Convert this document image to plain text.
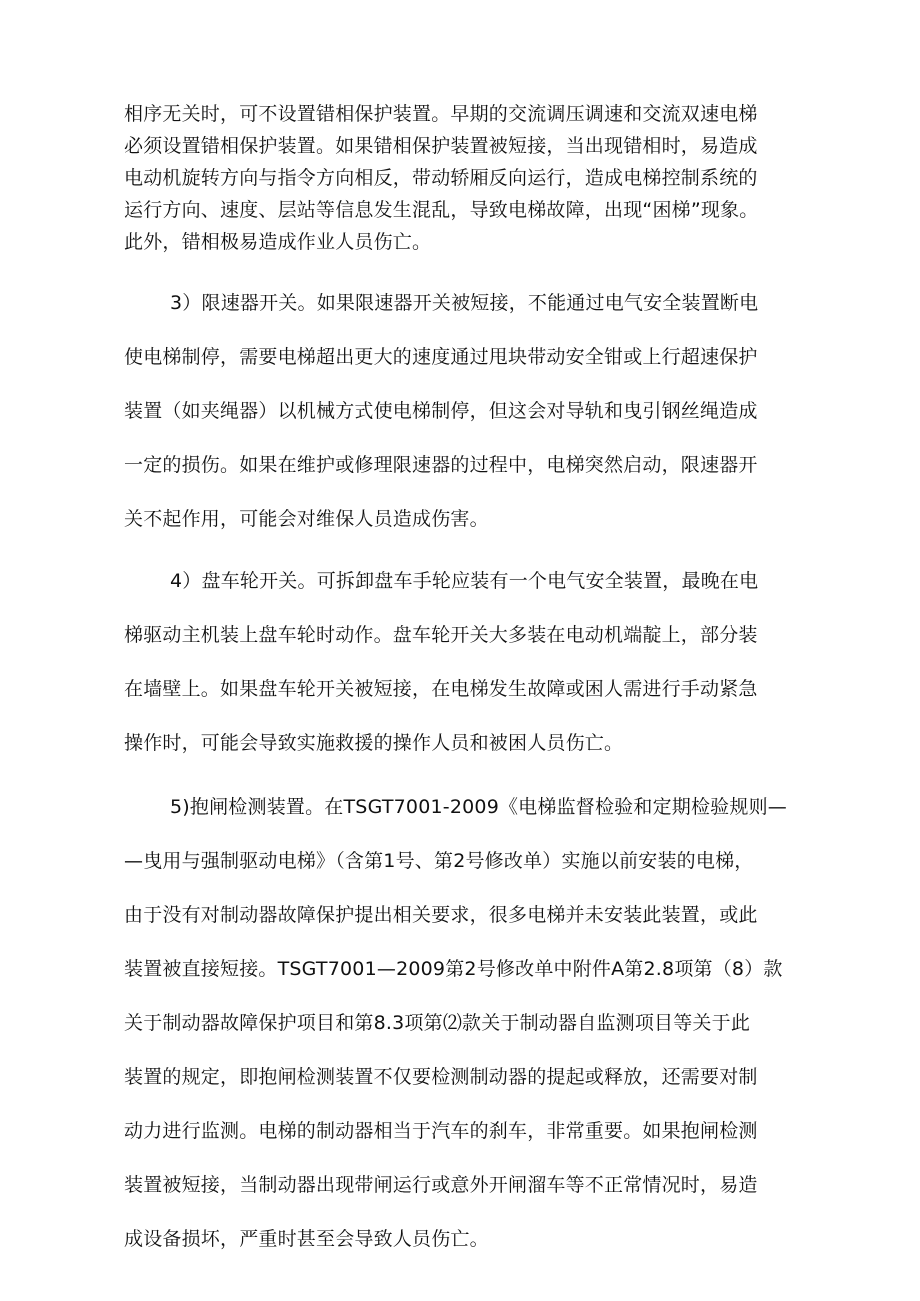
相序无关时，可不设置错相保护装置。早期的交流调压调速和交流双速电梯
必须设置错相保护装置。如果错相保护装置被短接，当出现错相时，易造成
电动机旋转方向与指令方向相反，带动轿厢反向运行，造成电梯控制系统的
运行方向、速度、层站等信息发生混乱，导致电梯故障，出现“困梯”现象。
此外，错相极易造成作业人员伤亡。
3）限速器开关。如果限速器开关被短接，不能通过电气安全装置断电
使电梯制停，需要电梯超出更大的速度通过甩块带动安全钳或上行超速保护
装置（如夹绳器）以机械方式使电梯制停，但这会对导轨和曳引钢丝绳造成
一定的损伤。如果在维护或修理限速器的过程中，电梯突然启动，限速器开
关不起作用，可能会对维保人员造成伤害。
4）盘车轮开关。可拆卸盘车手轮应装有一个电气安全装置，最晚在电
梯驱动主机装上盘车轮时动作。盘车轮开关大多装在电动机端靛上，部分装
在墙壁上。如果盘车轮开关被短接，在电梯发生故障或困人需进行手动紧急
操作时，可能会导致实施救援的操作人员和被困人员伤亡。
5)抱闸检测装置。在TSGT7001-2009《电梯监督检验和定期检验规则—
—曳用与强制驱动电梯》（含第1号、第2号修改单）实施以前安装的电梯，
由于没有对制动器故障保护提出相关要求，很多电梯并未安装此装置，或此
装置被直接短接。TSGT7001—2009第2号修改单中附件A第2.8项第（8）款
关于制动器故障保护项目和第8.3项第⑵款关于制动器自监测项目等关于此
装置的规定，即抱闸检测装置不仅要检测制动器的提起或释放，还需要对制
动力进行监测。电梯的制动器相当于汽车的刹车，非常重要。如果抱闸检测
装置被短接，当制动器出现带闸运行或意外开闸溜车等不正常情况时，易造
成设备损坏，严重时甚至会导致人员伤亡。
